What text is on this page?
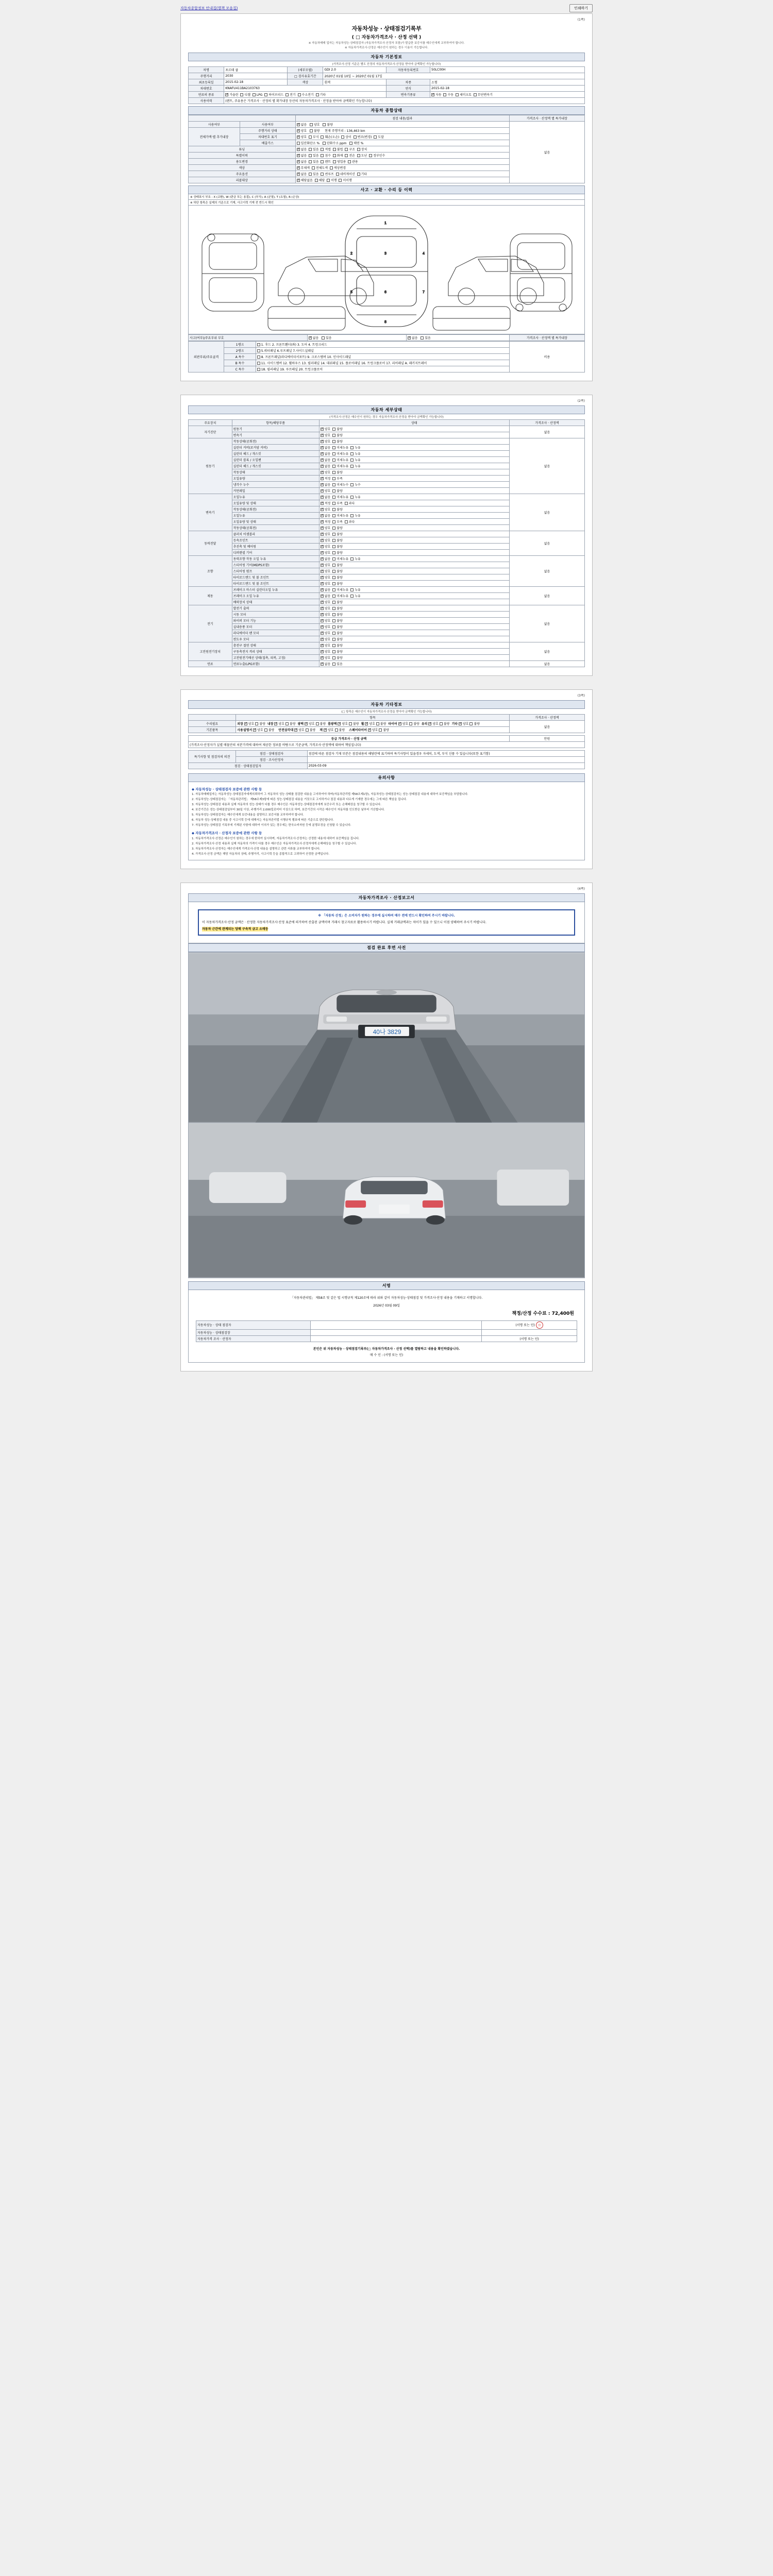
자동차종합정보 안내집(별책 모음집)	인쇄하기
(1쪽)
자동차성능 · 상태점검기록부
( □ 자동차가격조사 · 산정 선택 )
※ 자동차매매 업자는 자동차성능·상태점검자 (자동차가격조사·산정자 포함)가 발급한 보증서를 매수인에게 교부하여야 합니다.
※ 자동차가격조사·산정은 매수인이 원하는 경우 이용이 가능합니다.
자동차 기본정보
(가격조사·산정 기준은 별도 산정의 자동차가격조사·산정을 받아야 금액확인 가능합니다)
차명	포르테 쿱	(세부모델)	GDI 2.0	자동차등록번호	50LC00H
주행거리	2030	□ 검사유효기간	2020년 01월 10일 ~ 2020년 01월 17일		
최초등록일	2015-02-18	색상	흰색	차종	소형
차대번호	KNAFU411BA2103763			연식	2015-02-18
연료의 종류	✓가솔린 디젤 LPG 하이브리드 전기 수소전기 기타			변속기종류	✓자동 수동 세미오토 무단변속기
사용이력	(렌트, 주유용은 가격조사 · 산정의 별 확가내장 등산의 자동차가격조사 · 산정을 받아야 금액확인 가능합니다)				
자동차 종합상태
		점검 내용/결과	가격조사 · 산정액 별 특가내장
사용여부	사용여부	✓없음 양호 불량	없음
전체가액·별 추가내장	주행거리 상태	✓양호 불량 현재 주행거리 : 136,463 km
	차대번호 표기	✓양호 부식 훼손(오손) 상이 변조(변경) 도말
	배출가스	일산화탄소 % 탄화수소 ppm 매연 %	
튜닝	✓없음 있음 적법 불법 구조 장치
특별이력	✓없음 있음 침수 화재 전손 도난 정부인수
용도변경	✓없음 있음 렌트 영업용 관용
색상	✓무채색 전체도색 색상변경
주요옵션	✓없음 있음 썬루프 네비게이션 기타
리콜대상	✓해당없음 해당 이행 미이행
사고 · 교환 · 수리 등 이력
※ 상태표시 부호 : X (교환), W (판금 또는 용접), C (부식), A (균열), T (요철), R (손상)
※ 하단 항목은 실제의 기준으로 기재, 사고이력 기재 전 반드시 확인
1
2	3	4
5	6	7
8
사고(여부)/주요부위 부호	✓없음 있음	✓없음 있음	가격조사 · 산정액 별 특가내장
외판부위/주요골격	1랭크	1. 후드 2. 프론트휀더(좌) 3. 도어 4. 트렁크리드	비용
	2랭크	5.쿼터패널 6.루프패널 7.사이드실패널	
	A 특수	8. 프론트패널(라디에이터서포트) 9. 크로스멤버 10. 인사이드패널	
	B 특수	11. 사이드멤버 12. 휠하우스 13. 필러패널 14. 대쉬패널 15. 플로어패널 16. 트렁크플로어 17. 리어패널 A. 패키지트레이	
	C 특수	18. 필러패널 19. 루프패널 20. 트렁크플로어	
(2쪽)
자동차 세부상태
(가격조사·산정은 매수인이 원하는 경우 자동차가격조사·산정을 받아야 금액확인 가능합니다)
주요장치	항목/해당부품	상태	가격조사 · 산정액
자기진단	원동기	✓양호 불량	없음
	변속기	✓양호 불량
원동기	작동상태(공회전)	✓양호 불량	없음
	실린더 커버(로커암 커버)	✓없음 미세누유 누유
	실린더 헤드 / 개스킷	✓없음 미세누유 누유
	실린더 블록 / 오일팬	✓없음 미세누유 누유
	실린더 헤드 / 개스킷	✓없음 미세누유 누유
	작동상태	✓양호 불량
	오일유량	✓적정 부족
	냉각수 누수	✓없음 미세누수 누수
	커먼레일	✓양호 불량
변속기	오일누유	✓없음 미세누유 누유	없음
	오일유량 및 상태	✓적정 부족 과다
	작동상태(공회전)	✓양호 불량
	오일누유	✓없음 미세누유 누유
	오일유량 및 상태	✓적정 부족 과다
	작동상태(공회전)	✓양호 불량
동력전달	클러치 어셈블리	✓양호 불량	없음
	등속조인트	✓양호 불량
	추진축 및 베어링	✓양호 불량
	디퍼렌셜 기어	✓양호 불량
조향	동력조향 작동 오일 누유	✓없음 미세누유 누유	없음
	스티어링 기어(MDPS포함)	✓양호 불량
	스티어링 펌프	✓양호 불량
	타이로드엔드 및 볼 조인트	✓양호 불량
	타이로드엔드 및 볼 조인트	✓양호 불량
제동	브레이크 마스터 실린더오일 누유	✓없음 미세누유 누유	없음
	브레이크 오일 누유	✓없음 미세누유 누유
	배력장치 상태	✓양호 불량
전기	발전기 출력	✓양호 불량	없음
	시동 모터	✓양호 불량
	와이퍼 모터 기능	✓양호 불량
	실내송풍 모터	✓양호 불량
	라디에이터 팬 모터	✓양호 불량
	윈도우 모터	✓양호 불량
고전원전기장치	충전구 절연 상태	✓양호 불량	없음
	구동축전지 격리 상태	✓양호 불량
	고전원전기배선 상태(접촉, 피복, 고정)	✓양호 불량
연료	연료누출(LPG포함)	✓없음 있음	없음
(3쪽)
자동차 기타정보
(□ 항목은 매수인이 자동차가격조사·산정을 받아야 금액확인 가능합니다)
	항목	가격조사 · 산정액
수리필요	외장 ✓ 양호 불량 내장 ✓ 양호 불량 광택 ✓ 양호 불량 룸광택 ✓ 양호 불량 휠 ✓ 양호 불량 타이어 ✓ 양호 불량 유리 ✓ 양호 불량 기타 ✓ 양호 불량
	없음
기본품목	사용설명서 ✓ 양호 불량 안전삼각대 ✓ 양호 불량 잭 ✓ 양호 불량 스페어타이어 ✓ 양호 불량
등급 가격조사 · 산정 금액	만원
(가격조사·산정자가 실별 매물안의 처분가격에 대하여 제공한 정보를 바탕으로 기준금액, 가격조사·산정액에 대하여 책임집니다)
특기사항 및 점검자의 의견	점검 · 상태점검자	점검에 따른 점검자 기재 부분은 점검내용의 해당란에 표기하며 특기사항이 있을경우 자세히, 도색, 부식 신품 수 있습니다(또한 표기함)
	점검 · 조사산정자	
점검 · 상태점검일자		2026-03-09
유의사항
◆ 자동차성능 · 상태점검자 보증에 관한 사항 등

1. 자동차매매업자는 자동차성능·상태점검자에게의뢰하여 그 자동차의 성능·상태를 점검한 내용을 고지하여야 하며(자동차관리법 제58조제1항), 자동차성능·상태점검자는 성능·상태점검 내용에 대하여 보증책임을 부담합니다.

2. 자동차성능·상태점검자는 「자동차관리법」 제58조제3항에 따른 성능·상태점검 내용을 거짓으로 고지하거나 점검 내용과 다르게 기재한 경우에는 그에 따른 책임을 집니다.

3. 자동차성능·상태점검 내용과 실제 자동차의 성능·상태가 다를 경우 매수인은 자동차성능·상태점검자에게 보증수리 또는 손해배상을 청구할 수 있습니다.

4. 보증기간은 성능·상태점검일부터 30일 이상, 주행거리 2,000킬로미터 이상으로 하며, 보증기간의 시작은 매수인이 자동차를 인도받은 날부터 기산합니다.

5. 자동차성능·상태점검자는 매수인에게 보증내용을 설명하고 보증서를 교부하여야 합니다.

6. 자동차 성능·상태점검 내용 중 사고이력 등에 대해서는 자동차관리법 시행규칙 별표에 따른 기준으로 판단합니다.

7. 자동차성능·상태점검 기록부에 기재된 사항에 대하여 이의가 있는 경우에는 한국소비자원 등에 분쟁조정을 신청할 수 있습니다.

◆ 자동차가격조사 · 산정자 보증에 관한 사항 등

1. 자동차가격조사·산정은 매수인이 원하는 경우에 한하여 실시하며, 자동차가격조사·산정자는 산정한 내용에 대하여 보증책임을 집니다.

2. 자동차가격조사·산정 내용과 실제 자동차의 가격이 다를 경우 매수인은 자동차가격조사·산정자에게 손해배상을 청구할 수 있습니다.

3. 자동차가격조사·산정자는 매수인에게 가격조사·산정 내용을 설명하고 관련 서류를 교부하여야 합니다.

4. 가격조사·산정 금액은 해당 자동차의 상태, 주행거리, 사고이력 등을 종합적으로 고려하여 산정한 금액입니다.

(4쪽)
자동차가격조사 · 산정보고서
※ 「자동차 산정」은 소비자가 원하는 경우에 실시하며 매수 전에 반드시 확인하여 주시기 바랍니다.
이 자동차가격조사·산정 금액은 · 산정한 자동차가격조사·산정 표준에 의거하여 산출된 금액이며 거래시 참고자료로 활용하시기 바랍니다. 실제 거래금액과는 차이가 있을 수 있으니 이점 양해하여 주시기 바랍니다.
자동차 근간에 관계되는 당해 구속적 금고 소매등
점검 완료 후면 사진
40나 3829
서명
「자동차관리법」 제58조 및 같은 법 시행규칙 제120조에 따라 위와 같이 자동차성능·상태점검 및 가격조사·산정 내용을 기재하고 서명합니다.
2026년 03월 09일
책정/산정 수수료 : 72,400원
자동차성능 · 상태 점검자		(서명 또는 인) 印
자동차성능 · 상태점검장		
자동차가격 조사 · 산정자		(서명 또는 인)
본인은 위 자동차성능 · 상태점검기록부(□ 자동차가격조사 · 산정 선택)를 열람하고 내용을 확인하였습니다.
매 수 인 : (서명 또는 인)
